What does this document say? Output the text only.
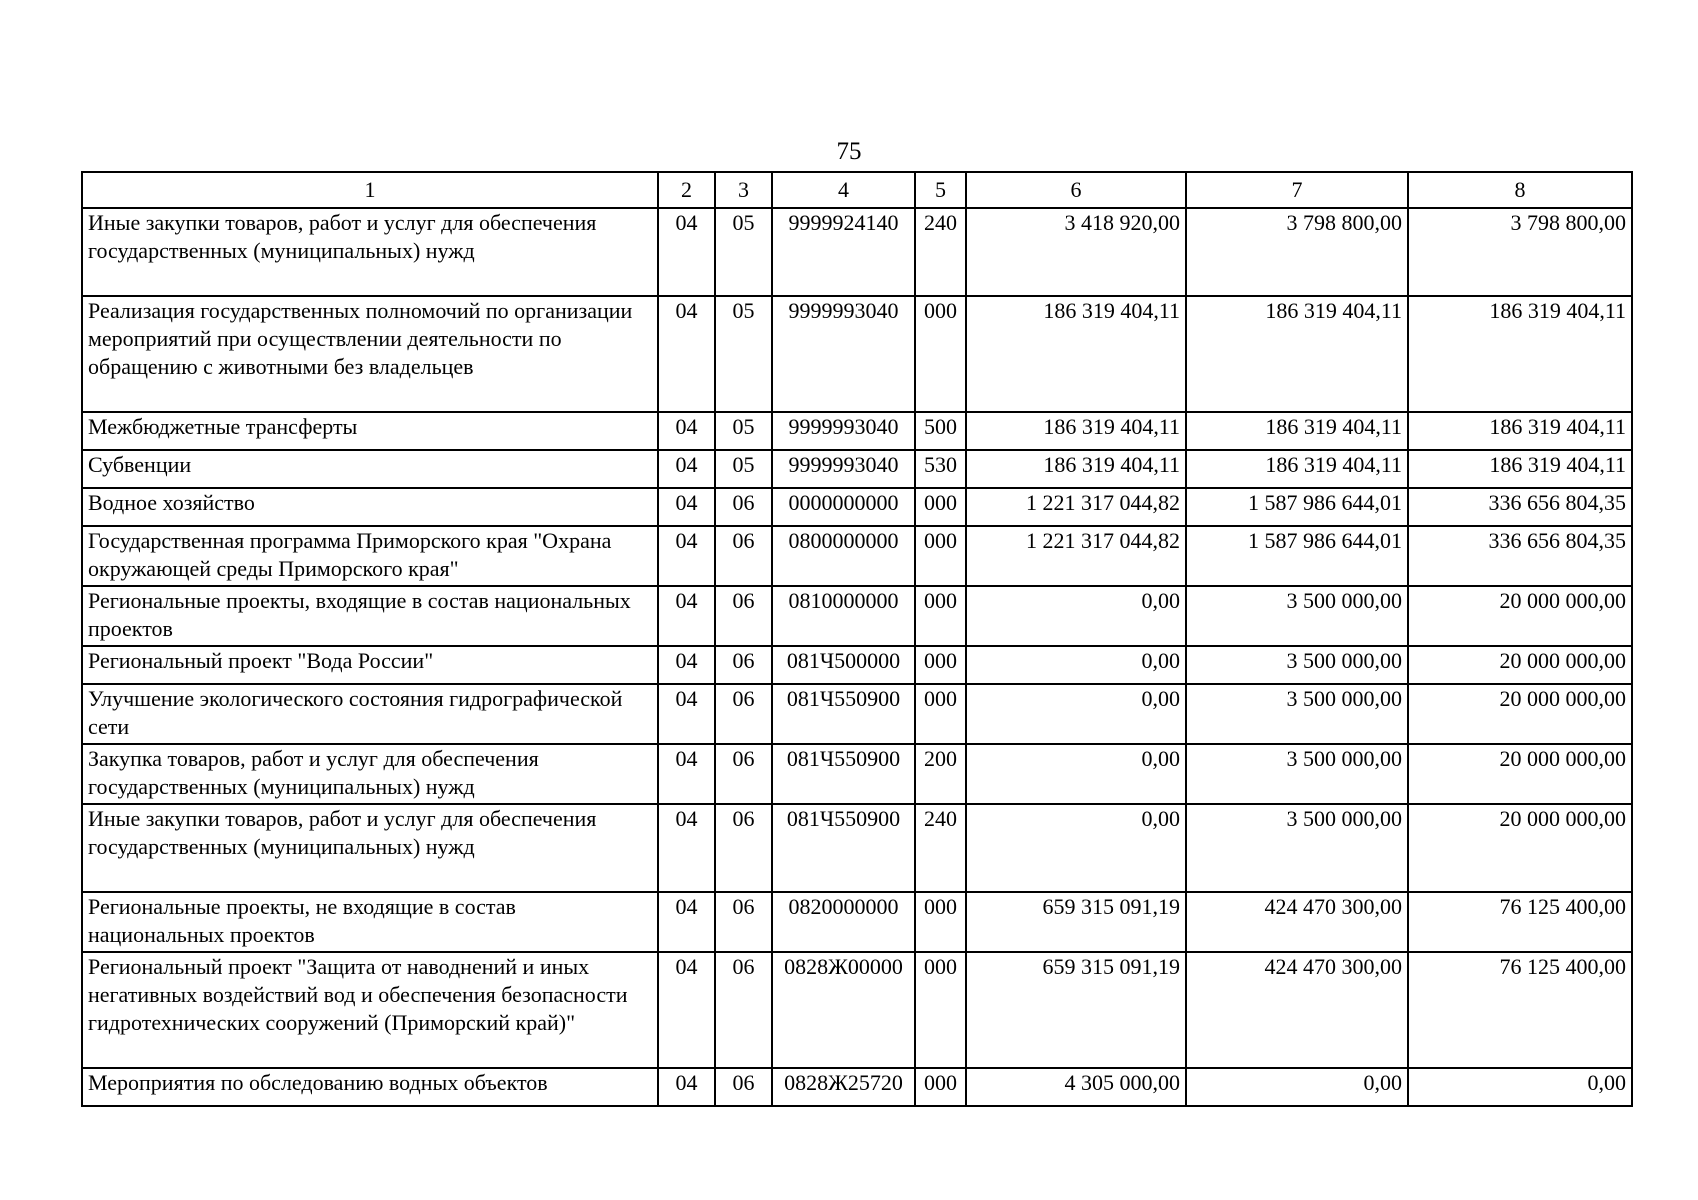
75
1	2	3	4	5	6	7	8
Иные закупки товаров, работ и услуг для обеспечения государственных (муниципальных) нужд	04	05	9999924140	240	3 418 920,00	3 798 800,00	3 798 800,00
Реализация государственных полномочий по организации мероприятий при осуществлении деятельности по обращению с животными без владельцев	04	05	9999993040	000	186 319 404,11	186 319 404,11	186 319 404,11
Межбюджетные трансферты	04	05	9999993040	500	186 319 404,11	186 319 404,11	186 319 404,11
Субвенции	04	05	9999993040	530	186 319 404,11	186 319 404,11	186 319 404,11
Водное хозяйство	04	06	0000000000	000	1 221 317 044,82	1 587 986 644,01	336 656 804,35
Государственная программа Приморского края "Охрана окружающей среды Приморского края"	04	06	0800000000	000	1 221 317 044,82	1 587 986 644,01	336 656 804,35
Региональные проекты, входящие в состав национальных проектов	04	06	0810000000	000	0,00	3 500 000,00	20 000 000,00
Региональный проект "Вода России"	04	06	081Ч500000	000	0,00	3 500 000,00	20 000 000,00
Улучшение экологического состояния гидрографической сети	04	06	081Ч550900	000	0,00	3 500 000,00	20 000 000,00
Закупка товаров, работ и услуг для обеспечения государственных (муниципальных) нужд	04	06	081Ч550900	200	0,00	3 500 000,00	20 000 000,00
Иные закупки товаров, работ и услуг для обеспечения государственных (муниципальных) нужд	04	06	081Ч550900	240	0,00	3 500 000,00	20 000 000,00
Региональные проекты, не входящие в состав национальных проектов	04	06	0820000000	000	659 315 091,19	424 470 300,00	76 125 400,00
Региональный проект "Защита от наводнений и иных негативных воздействий вод и обеспечения безопасности гидротехнических сооружений (Приморский край)"	04	06	0828Ж00000	000	659 315 091,19	424 470 300,00	76 125 400,00
Мероприятия по обследованию водных объектов	04	06	0828Ж25720	000	4 305 000,00	0,00	0,00
